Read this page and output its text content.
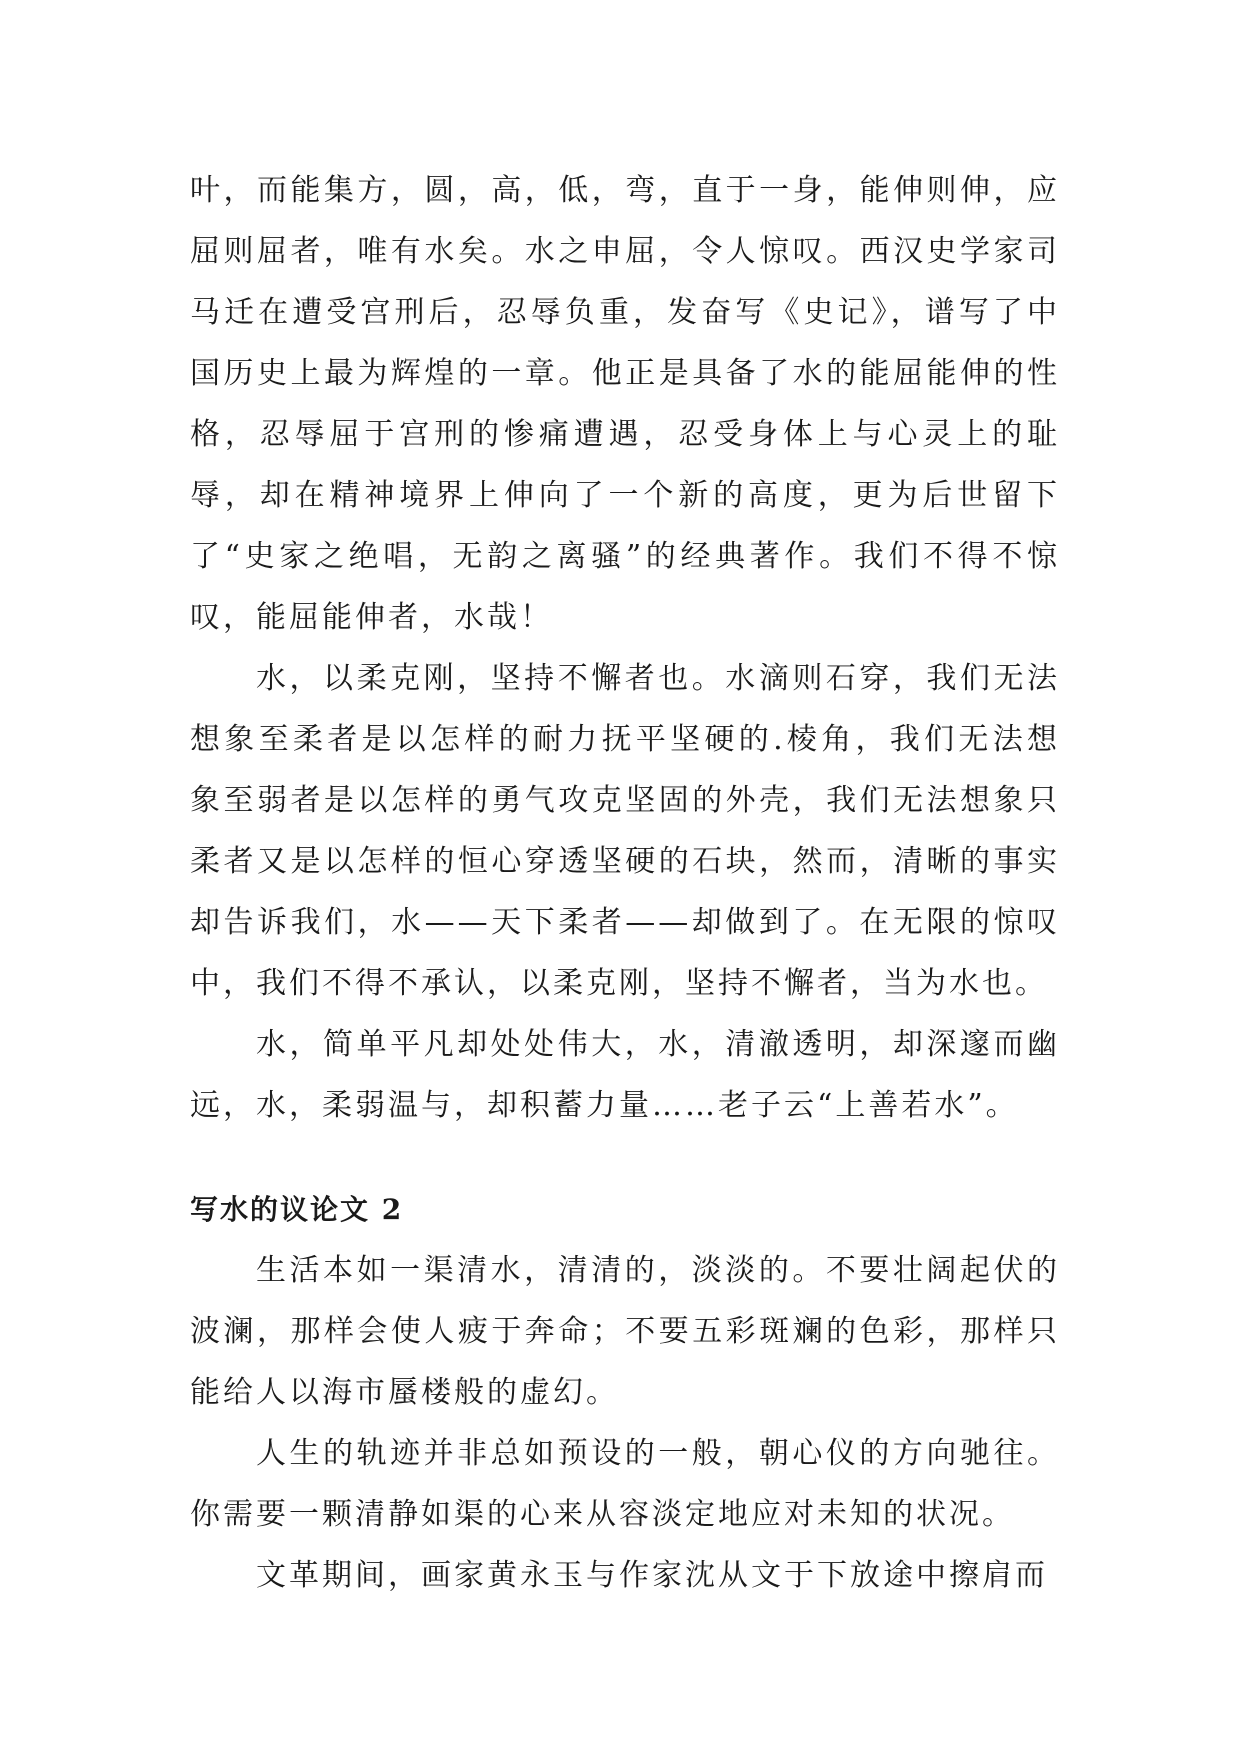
叶，而能集方，圆，高，低，弯，直于一身，能伸则伸，应屈则屈者，唯有水矣。水之申屈，令人惊叹。西汉史学家司马迁在遭受宫刑后，忍辱负重，发奋写《史记》，谱写了中国历史上最为辉煌的一章。他正是具备了水的能屈能伸的性格，忍辱屈于宫刑的惨痛遭遇，忍受身体上与心灵上的耻辱，却在精神境界上伸向了一个新的高度，更为后世留下了“史家之绝唱，无韵之离骚”的经典著作。我们不得不惊叹，能屈能伸者，水哉！

水，以柔克刚，坚持不懈者也。水滴则石穿，我们无法想象至柔者是以怎样的耐力抚平坚硬的.棱角，我们无法想象至弱者是以怎样的勇气攻克坚固的外壳，我们无法想象只柔者又是以怎样的恒心穿透坚硬的石块，然而，清晰的事实却告诉我们，水——天下柔者——却做到了。在无限的惊叹中，我们不得不承认，以柔克刚，坚持不懈者，当为水也。

水，简单平凡却处处伟大，水，清澈透明，却深邃而幽远，水，柔弱温与，却积蓄力量……老子云“上善若水”。

写水的议论文 2

生活本如一渠清水，清清的，淡淡的。不要壮阔起伏的波澜，那样会使人疲于奔命；不要五彩斑斓的色彩，那样只能给人以海市蜃楼般的虚幻。

人生的轨迹并非总如预设的一般，朝心仪的方向驰往。你需要一颗清静如渠的心来从容淡定地应对未知的状况。

文革期间，画家黄永玉与作家沈从文于下放途中擦肩而
